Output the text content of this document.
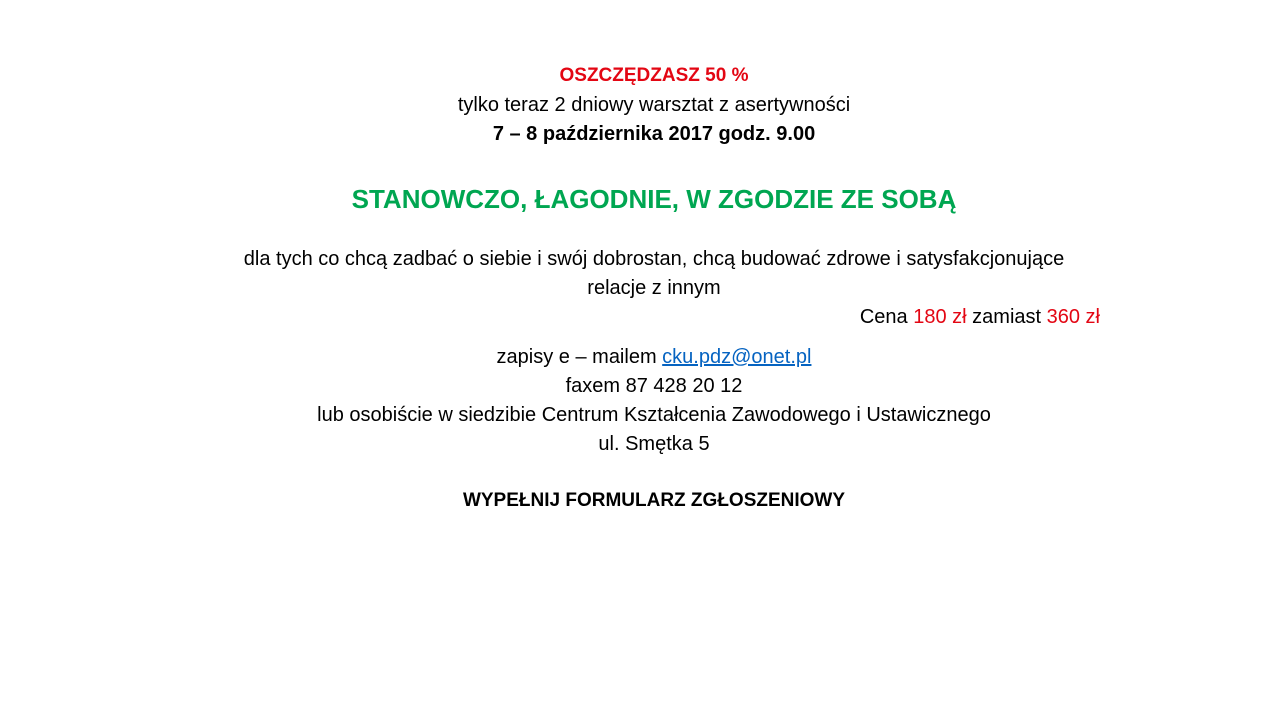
OSZCZĘDZASZ 50 %
tylko teraz 2 dniowy warsztat z asertywności
7 – 8 października 2017 godz. 9.00
STANOWCZO, ŁAGODNIE, W ZGODZIE ZE SOBĄ
dla tych co chcą zadbać o siebie i swój dobrostan, chcą budować zdrowe i satysfakcjonujące
relacje z innym
Cena 180 zł zamiast 360 zł
zapisy e – mailem cku.pdz@onet.pl
faxem 87 428 20 12
lub osobiście w siedzibie Centrum Kształcenia Zawodowego i Ustawicznego
ul. Smętka 5
WYPEŁNIJ FORMULARZ ZGŁOSZENIOWY
